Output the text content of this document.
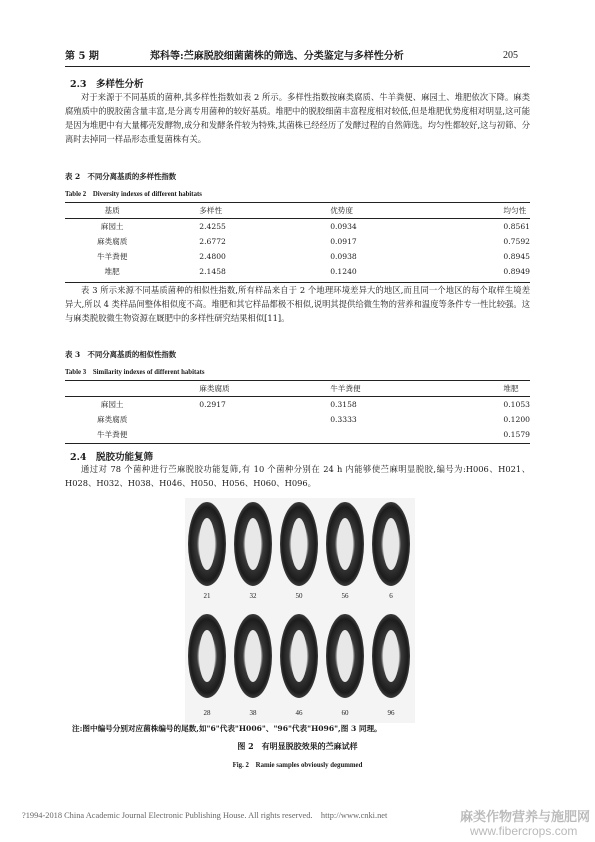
第 5 期	郑科等:苎麻脱胶细菌菌株的筛选、分类鉴定与多样性分析	205
2.3　多样性分析
对于来源于不同基质的菌种,其多样性指数如表 2 所示。多样性指数按麻类腐质、牛羊粪便、麻园土、堆肥依次下降。麻类腐殖质中的脱胶菌含量丰富,是分离专用菌种的较好基质。堆肥中的脱胶细菌丰富程度相对较低,但是堆肥优势度相对明显,这可能是因为堆肥中有大量椰壳发酵物,成分和发酵条件较为特殊,其菌株已经经历了发酵过程的自然筛选。均匀性都较好,这与初筛、分离时去掉同一样品形态重复菌株有关。
表 2　不同分离基质的多样性指数
Table 2　Diversity indexes of different habitats
基质	多样性	优势度	均匀性
麻园土	2.4255	0.0934	0.8561
麻类腐质	2.6772	0.0917	0.7592
牛羊粪便	2.4800	0.0938	0.8945
堆肥	2.1458	0.1240	0.8949
表 3 所示来源不同基质菌种的相似性指数,所有样品来自于 2 个地理环境差异大的地区,而且同一个地区的每个取样生境差异大,所以 4 类样品间整体相似度不高。堆肥和其它样品都极不相似,说明其提供给微生物的营养和温度等条件专一性比较强。这与麻类脱胶微生物资源在厩肥中的多样性研究结果相似[11]。
表 3　不同分离基质的相似性指数
Table 3　Similarity indexes of different habitats
	麻类腐质	牛羊粪便	堆肥
麻园土	0.2917	0.3158	0.1053
麻类腐质		0.3333	0.1200
牛羊粪便			0.1579
2.4　脱胶功能复筛
通过对 78 个菌种进行苎麻脱胶功能复筛,有 10 个菌种分别在 24 h 内能够使苎麻明显脱胶,编号为:H006、H021、H028、H032、H038、H046、H050、H056、H060、H096。
21	32	50	56	6
28	38	46	60	96
注:图中编号分别对应菌株编号的尾数,如"6"代表"H006"、"96"代表"H096",图 3 同理。
图 2　有明显脱胶效果的苎麻试样
Fig. 2　Ramie samples obviously degummed
?1994-2018 China Academic Journal Electronic Publishing House. All rights reserved.　http://www.cnki.net	麻类作物营养与施肥网
www.fibercrops.com
